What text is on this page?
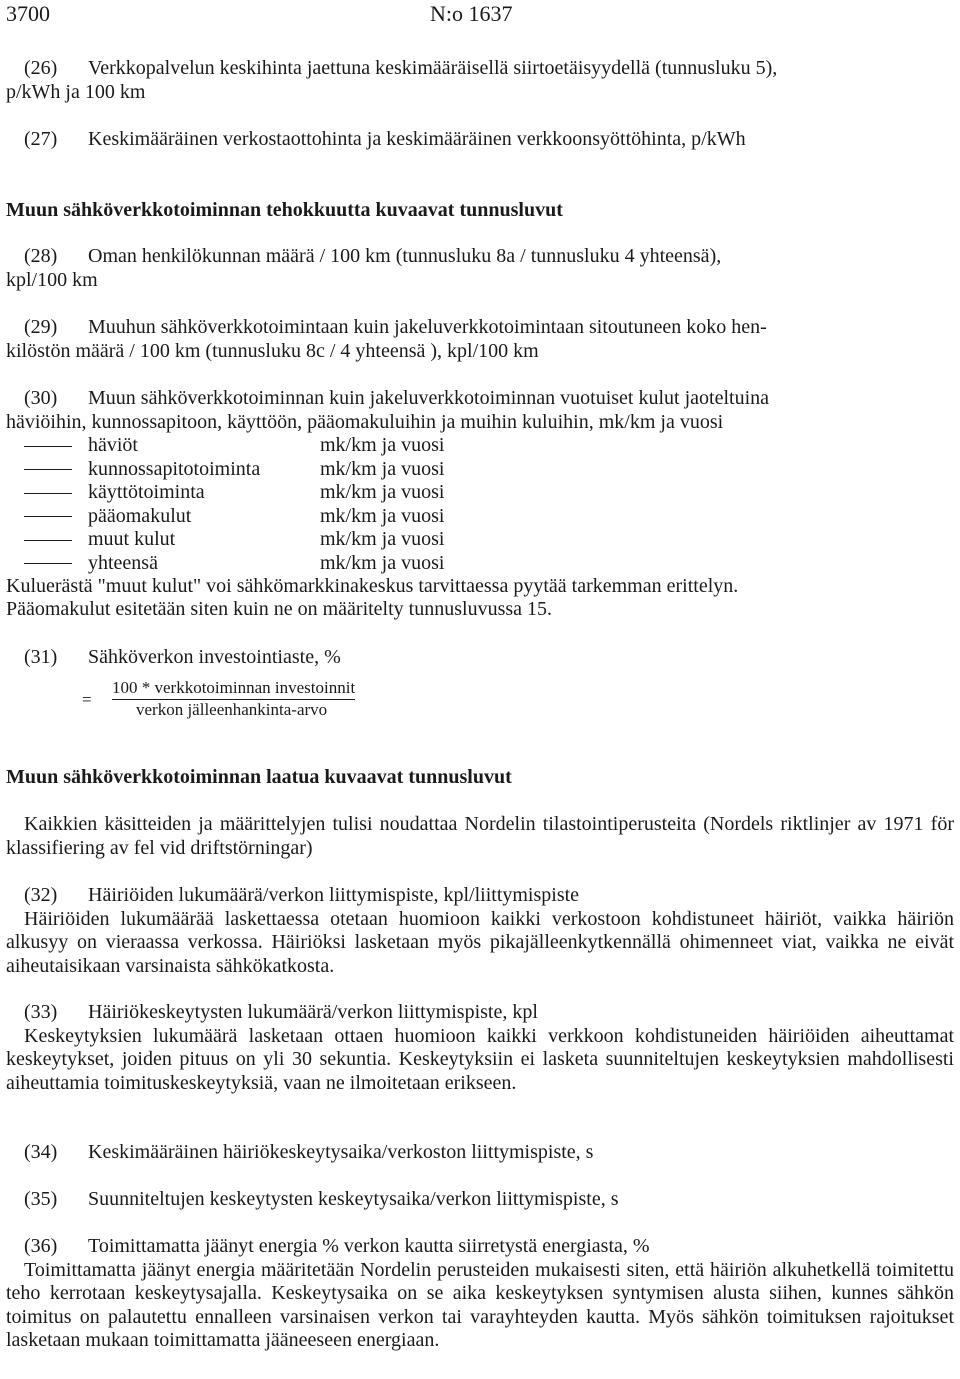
3700	N:o 1637
(26) Verkkopalvelun keskihinta jaettuna keskimääräisellä siirtoetäisyydellä (tunnusluku 5),
p/kWh ja 100 km
(27) Keskimääräinen verkostaottohinta ja keskimääräinen verkkoonsyöttöhinta, p/kWh
Muun sähköverkkotoiminnan tehokkuutta kuvaavat tunnusluvut
(28) Oman henkilökunnan määrä / 100 km (tunnusluku 8a / tunnusluku 4 yhteensä),
kpl/100 km
(29) Muuhun sähköverkkotoimintaan kuin jakeluverkkotoimintaan sitoutuneen koko hen-
kilöstön määrä / 100 km (tunnusluku 8c / 4 yhteensä ), kpl/100 km
(30) Muun sähköverkkotoiminnan kuin jakeluverkkotoiminnan vuotuiset kulut jaoteltuina
häviöihin, kunnossapitoon, käyttöön, pääomakuluihin ja muihin kuluihin, mk/km ja vuosi
häviöt	mk/km ja vuosi
kunnossapitotoiminta	mk/km ja vuosi
käyttötoiminta	mk/km ja vuosi
pääomakulut	mk/km ja vuosi
muut kulut	mk/km ja vuosi
yhteensä	mk/km ja vuosi
Kuluerästä "muut kulut" voi sähkömarkkinakeskus tarvittaessa pyytää tarkemman erittelyn.
Pääomakulut esitetään siten kuin ne on määritelty tunnusluvussa 15.
(31) Sähköverkon investointiaste, %
=
100 * verkkotoiminnan investoinnit
verkon jälleenhankinta-arvo
Muun sähköverkkotoiminnan laatua kuvaavat tunnusluvut
Kaikkien käsitteiden ja määrittelyjen tulisi noudattaa Nordelin tilastointiperusteita (Nordels riktlinjer av 1971 för klassifiering av fel vid driftstörningar)
(32) Häiriöiden lukumäärä/verkon liittymispiste, kpl/liittymispiste
Häiriöiden lukumäärää laskettaessa otetaan huomioon kaikki verkostoon kohdistuneet häiriöt, vaikka häiriön alkusyy on vieraassa verkossa. Häiriöksi lasketaan myös pikajälleenkytkennällä ohimenneet viat, vaikka ne eivät aiheutaisikaan varsinaista sähkökatkosta.
(33) Häiriökeskeytysten lukumäärä/verkon liittymispiste, kpl
Keskeytyksien lukumäärä lasketaan ottaen huomioon kaikki verkkoon kohdistuneiden häiriöiden aiheuttamat keskeytykset, joiden pituus on yli 30 sekuntia. Keskeytyksiin ei lasketa suunniteltujen keskeytyksien mahdollisesti aiheuttamia toimituskeskeytyksiä, vaan ne ilmoitetaan erikseen.
(34) Keskimääräinen häiriökeskeytysaika/verkoston liittymispiste, s
(35) Suunniteltujen keskeytysten keskeytysaika/verkon liittymispiste, s
(36) Toimittamatta jäänyt energia % verkon kautta siirretystä energiasta, %
Toimittamatta jäänyt energia määritetään Nordelin perusteiden mukaisesti siten, että häiriön alkuhetkellä toimitettu teho kerrotaan keskeytysajalla. Keskeytysaika on se aika keskeytyksen syntymisen alusta siihen, kunnes sähkön toimitus on palautettu ennalleen varsinaisen verkon tai varayhteyden kautta. Myös sähkön toimituksen rajoitukset lasketaan mukaan toimittamatta jääneeseen energiaan.
